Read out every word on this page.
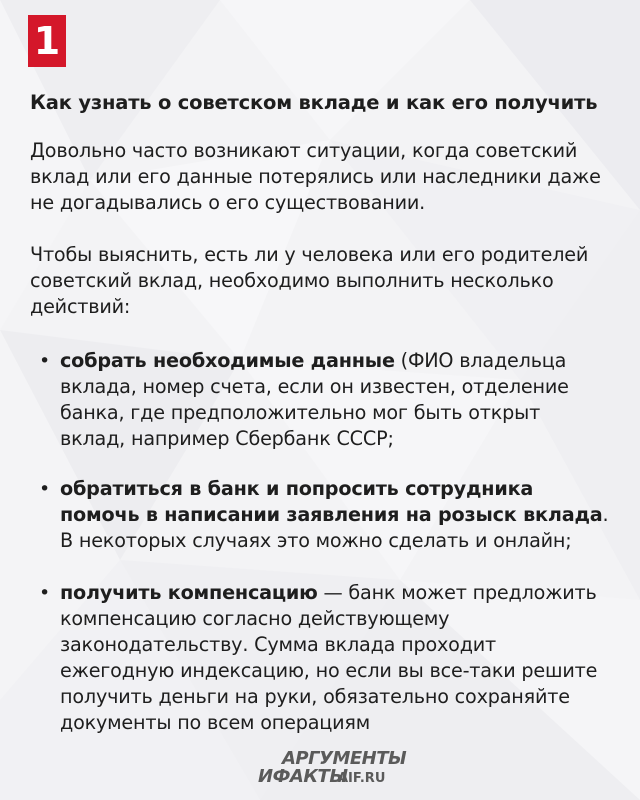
1
Как узнать о советском вкладе и как его получить

Довольно часто возникают ситуации, когда советский вклад или его данные потерялись или наследники даже не догадывались о его существовании.

Чтобы выяснить, есть ли у человека или его родителей советский вклад, необходимо выполнить несколько действий:

• собрать необходимые данные (ФИО владельца вклада, номер счета, если он известен, отделение банка, где предположительно мог быть открыт вклад, например Сбербанк СССР;
• обратиться в банк и попросить сотрудника помочь в написании заявления на розыск вклада. В некоторых случаях это можно сделать и онлайн;
• получить компенсацию — банк может предложить компенсацию согласно действующему законодательству. Сумма вклада проходит ежегодную индексацию, но если вы все-таки решите получить деньги на руки, обязательно сохраняйте документы по всем операциям
АРГУМЕНТЫ
ИФАКТЫ
AIF.RU
